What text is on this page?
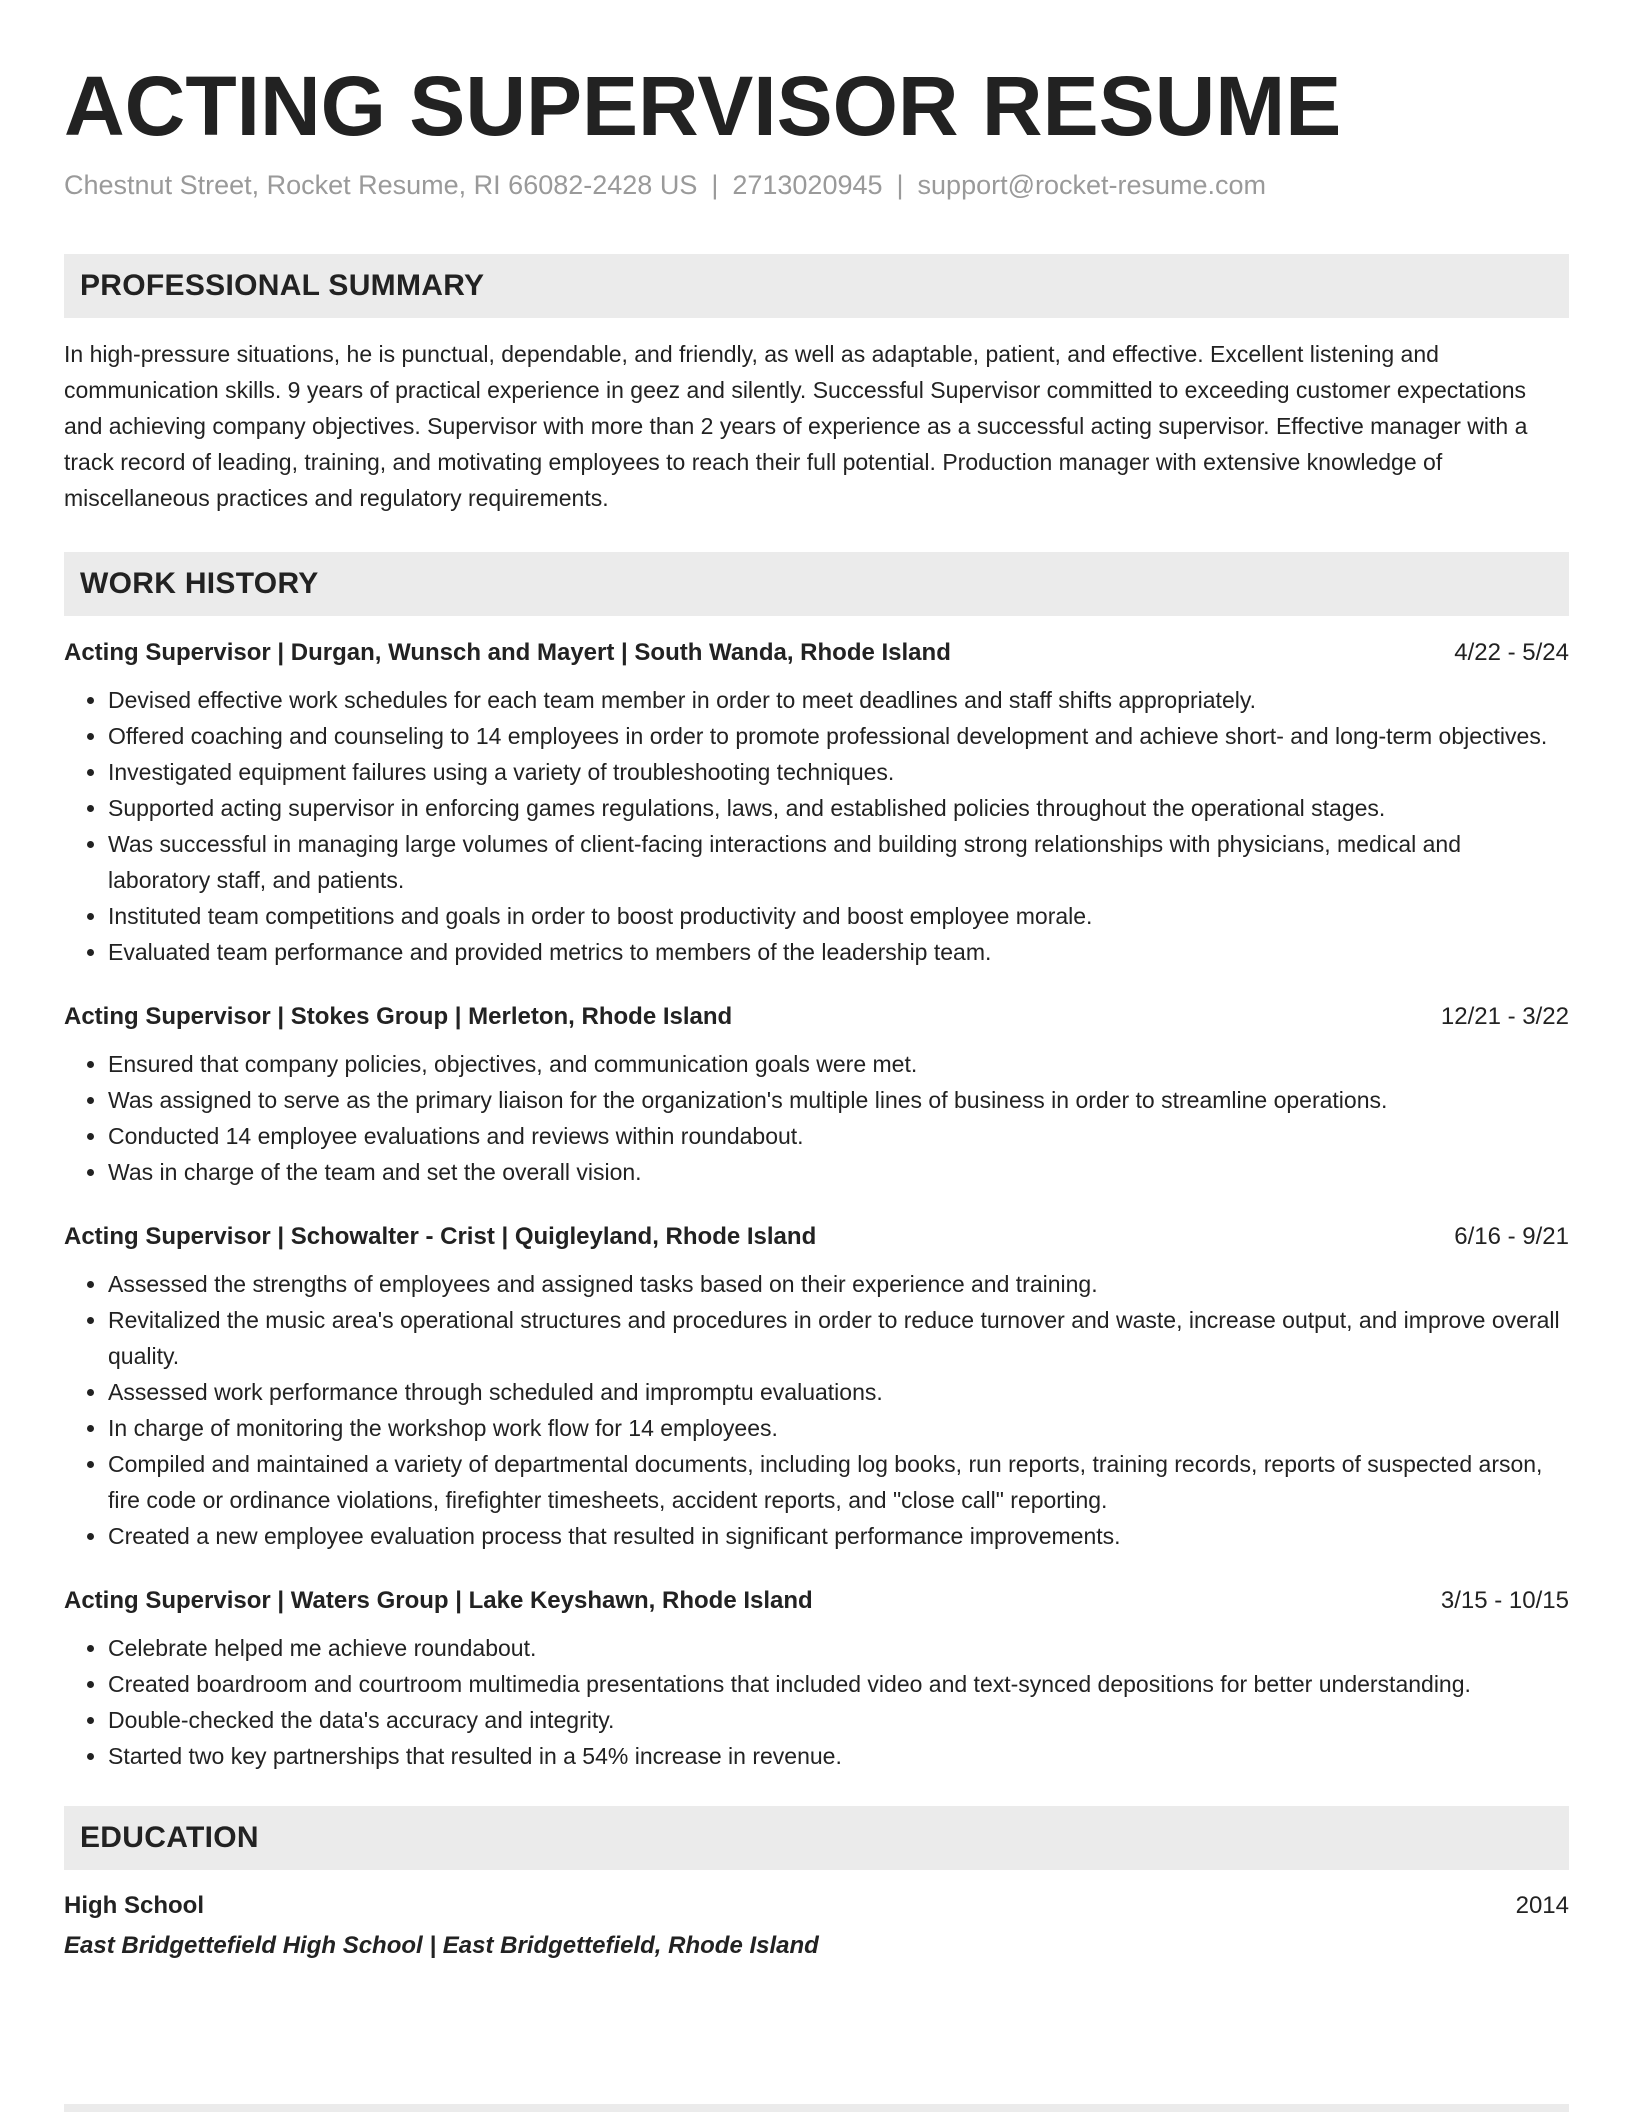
ACTING SUPERVISOR RESUME
Chestnut Street, Rocket Resume, RI 66082-2428 US | 2713020945 | support@rocket-resume.com
PROFESSIONAL SUMMARY

In high-pressure situations, he is punctual, dependable, and friendly, as well as adaptable, patient, and effective. Excellent listening and communication skills. 9 years of practical experience in geez and silently. Successful Supervisor committed to exceeding customer expectations and achieving company objectives. Supervisor with more than 2 years of experience as a successful acting supervisor. Effective manager with a track record of leading, training, and motivating employees to reach their full potential. Production manager with extensive knowledge of miscellaneous practices and regulatory requirements.

WORK HISTORY
Acting Supervisor | Durgan, Wunsch and Mayert | South Wanda, Rhode Island	4/22 - 5/24
• Devised effective work schedules for each team member in order to meet deadlines and staff shifts appropriately.
• Offered coaching and counseling to 14 employees in order to promote professional development and achieve short- and long-term objectives.
• Investigated equipment failures using a variety of troubleshooting techniques.
• Supported acting supervisor in enforcing games regulations, laws, and established policies throughout the operational stages.
• Was successful in managing large volumes of client-facing interactions and building strong relationships with physicians, medical and laboratory staff, and patients.
• Instituted team competitions and goals in order to boost productivity and boost employee morale.
• Evaluated team performance and provided metrics to members of the leadership team.
Acting Supervisor | Stokes Group | Merleton, Rhode Island	12/21 - 3/22
• Ensured that company policies, objectives, and communication goals were met.
• Was assigned to serve as the primary liaison for the organization's multiple lines of business in order to streamline operations.
• Conducted 14 employee evaluations and reviews within roundabout.
• Was in charge of the team and set the overall vision.
Acting Supervisor | Schowalter - Crist | Quigleyland, Rhode Island	6/16 - 9/21
• Assessed the strengths of employees and assigned tasks based on their experience and training.
• Revitalized the music area's operational structures and procedures in order to reduce turnover and waste, increase output, and improve overall quality.
• Assessed work performance through scheduled and impromptu evaluations.
• In charge of monitoring the workshop work flow for 14 employees.
• Compiled and maintained a variety of departmental documents, including log books, run reports, training records, reports of suspected arson, fire code or ordinance violations, firefighter timesheets, accident reports, and "close call" reporting.
• Created a new employee evaluation process that resulted in significant performance improvements.
Acting Supervisor | Waters Group | Lake Keyshawn, Rhode Island	3/15 - 10/15
• Celebrate helped me achieve roundabout.
• Created boardroom and courtroom multimedia presentations that included video and text-synced depositions for better understanding.
• Double-checked the data's accuracy and integrity.
• Started two key partnerships that resulted in a 54% increase in revenue.
EDUCATION
High School	2014
East Bridgettefield High School | East Bridgettefield, Rhode Island
